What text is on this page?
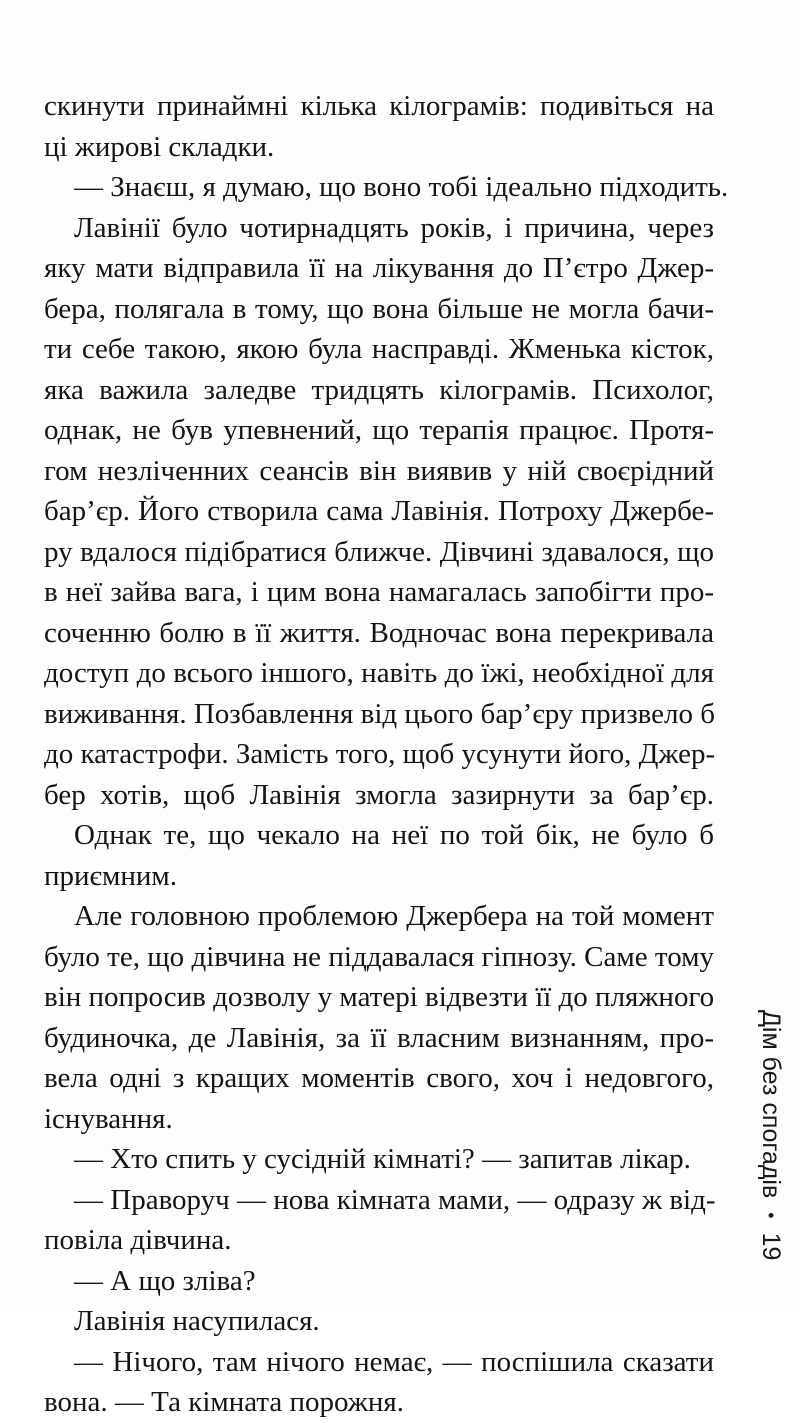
скинути принаймні кілька кілограмів: подивіться на
ці жирові складки.

— Знаєш, я думаю, що воно тобі ідеально підходить.

Лавінії було чотирнадцять років, і причина, через
яку мати відправила її на лікування до П’єтро Джер-
бера, полягала в тому, що вона більше не могла бачи-
ти себе такою, якою була насправді. Жменька кісток,
яка важила заледве тридцять кілограмів. Психолог,
однак, не був упевнений, що терапія працює. Протя-
гом незліченних сеансів він виявив у ній своєрідний
бар’єр. Його створила сама Лавінія. Потроху Джербе-
ру вдалося підібратися ближче. Дівчині здавалося, що
в неї зайва вага, і цим вона намагалась запобігти про-
соченню болю в її життя. Водночас вона перекривала
доступ до всього іншого, навіть до їжі, необхідної для
виживання. Позбавлення від цього бар’єру призвело б
до катастрофи. Замість того, щоб усунути його, Джер-
бер хотів, щоб Лавінія змогла зазирнути за бар’єр.

Однак те, що чекало на неї по той бік, не було б
приємним.

Але головною проблемою Джербера на той момент
було те, що дівчина не піддавалася гіпнозу. Саме тому
він попросив дозволу у матері відвезти її до пляжного
будиночка, де Лавінія, за її власним визнанням, про-
вела одні з кращих моментів свого, хоч і недовгого,
існування.

— Хто спить у сусідній кімнаті? — запитав лікар.

— Праворуч — нова кімната мами, — одразу ж від-
повіла дівчина.

— А що зліва?

Лавінія насупилася.

— Нічого, там нічого немає, — поспішила сказати
вона. — Та кімната порожня.

Дім без спогадів
•
19
